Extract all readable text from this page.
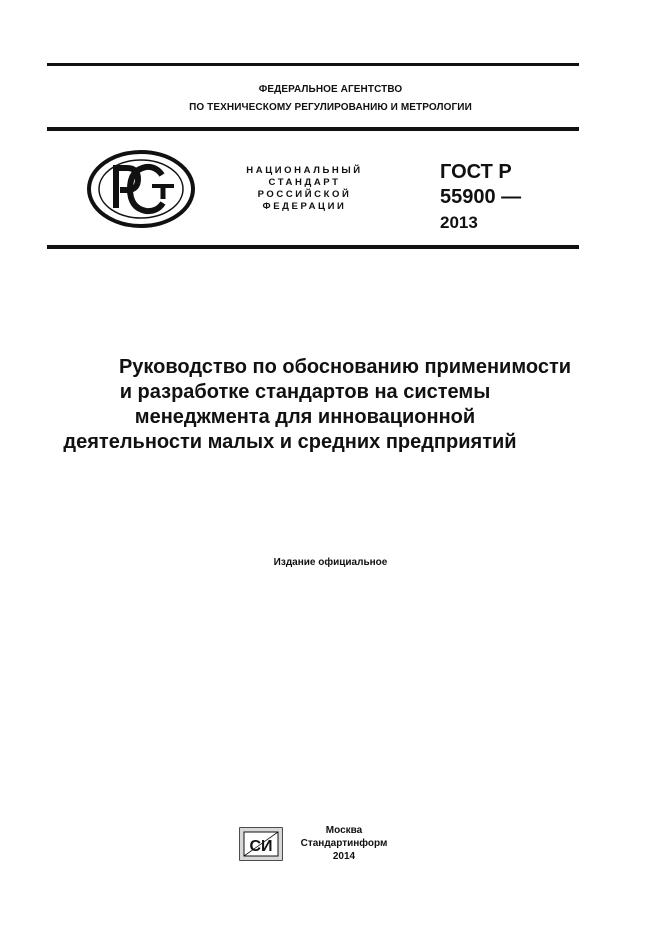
ФЕДЕРАЛЬНОЕ АГЕНТСТВО
ПО ТЕХНИЧЕСКОМУ РЕГУЛИРОВАНИЮ И МЕТРОЛОГИИ
НАЦИОНАЛЬНЫЙ
СТАНДАРТ
РОССИЙСКОЙ
ФЕДЕРАЦИИ
ГОСТ Р
55900 —
2013
Руководство по обоснованию применимости
и разработке стандартов на системы
менеджмента для инновационной
деятельности малых и средних предприятий
Издание официальное
СИ
Москва
Стандартинформ
2014
